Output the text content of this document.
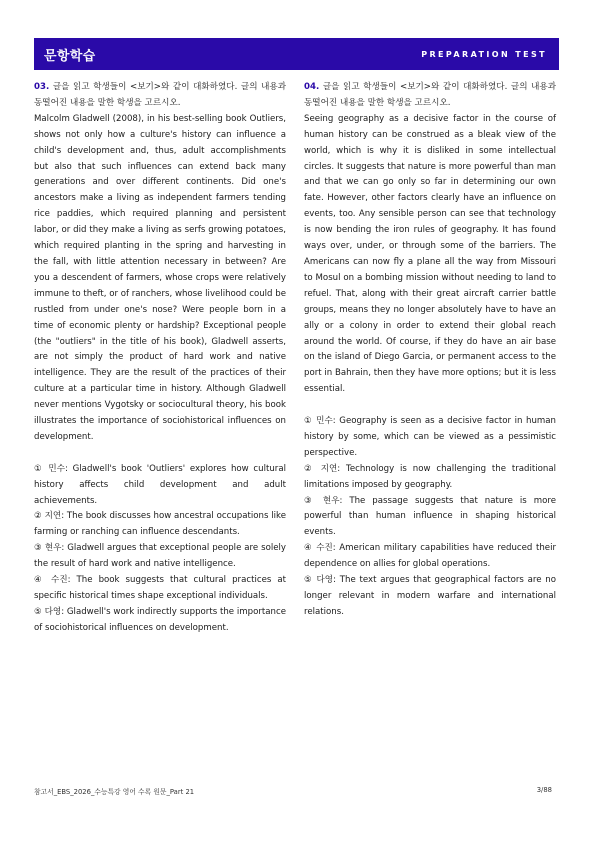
문항학습	PREPARATION TEST

03. 글을 읽고 학생들이 <보기>와 같이 대화하였다. 글의 내용과 동떨어진 내용을 말한 학생을 고르시오.

Malcolm Gladwell (2008), in his best-selling book Outliers, shows not only how a culture's history can influence a child's development and, thus, adult accomplishments but also that such influences can extend back many generations and over different continents. Did one's ancestors make a living as independent farmers tending rice paddies, which required planning and persistent labor, or did they make a living as serfs growing potatoes, which required planting in the spring and harvesting in the fall, with little attention necessary in between? Are you a descendent of farmers, whose crops were relatively immune to theft, or of ranchers, whose livelihood could be rustled from under one's nose? Were people born in a time of economic plenty or hardship? Exceptional people (the "outliers" in the title of his book), Gladwell asserts, are not simply the product of hard work and native intelligence. They are the result of the practices of their culture at a particular time in history. Although Gladwell never mentions Vygotsky or sociocultural theory, his book illustrates the importance of sociohistorical influences on development.

① 민수: Gladwell's book 'Outliers' explores how cultural history affects child development and adult achievements.

② 지연: The book discusses how ancestral occupations like farming or ranching can influence descendants.

③ 현우: Gladwell argues that exceptional people are solely the result of hard work and native intelligence.

④ 수진: The book suggests that cultural practices at specific historical times shape exceptional individuals.

⑤ 다영: Gladwell's work indirectly supports the importance of sociohistorical influences on development.

04. 글을 읽고 학생들이 <보기>와 같이 대화하였다. 글의 내용과 동떨어진 내용을 말한 학생을 고르시오.

Seeing geography as a decisive factor in the course of human history can be construed as a bleak view of the world, which is why it is disliked in some intellectual circles. It suggests that nature is more powerful than man and that we can go only so far in determining our own fate. However, other factors clearly have an influence on events, too. Any sensible person can see that technology is now bending the iron rules of geography. It has found ways over, under, or through some of the barriers. The Americans can now fly a plane all the way from Missouri to Mosul on a bombing mission without needing to land to refuel. That, along with their great aircraft carrier battle groups, means they no longer absolutely have to have an ally or a colony in order to extend their global reach around the world. Of course, if they do have an air base on the island of Diego Garcia, or permanent access to the port in Bahrain, then they have more options; but it is less essential.

① 민수: Geography is seen as a decisive factor in human history by some, which can be viewed as a pessimistic perspective.

② 지연: Technology is now challenging the traditional limitations imposed by geography.

③ 현우: The passage suggests that nature is more powerful than human influence in shaping historical events.

④ 수진: American military capabilities have reduced their dependence on allies for global operations.

⑤ 다영: The text argues that geographical factors are no longer relevant in modern warfare and international relations.

참고서_EBS_2026_수능특강 영어 수록 원문_Part 21	3/88
